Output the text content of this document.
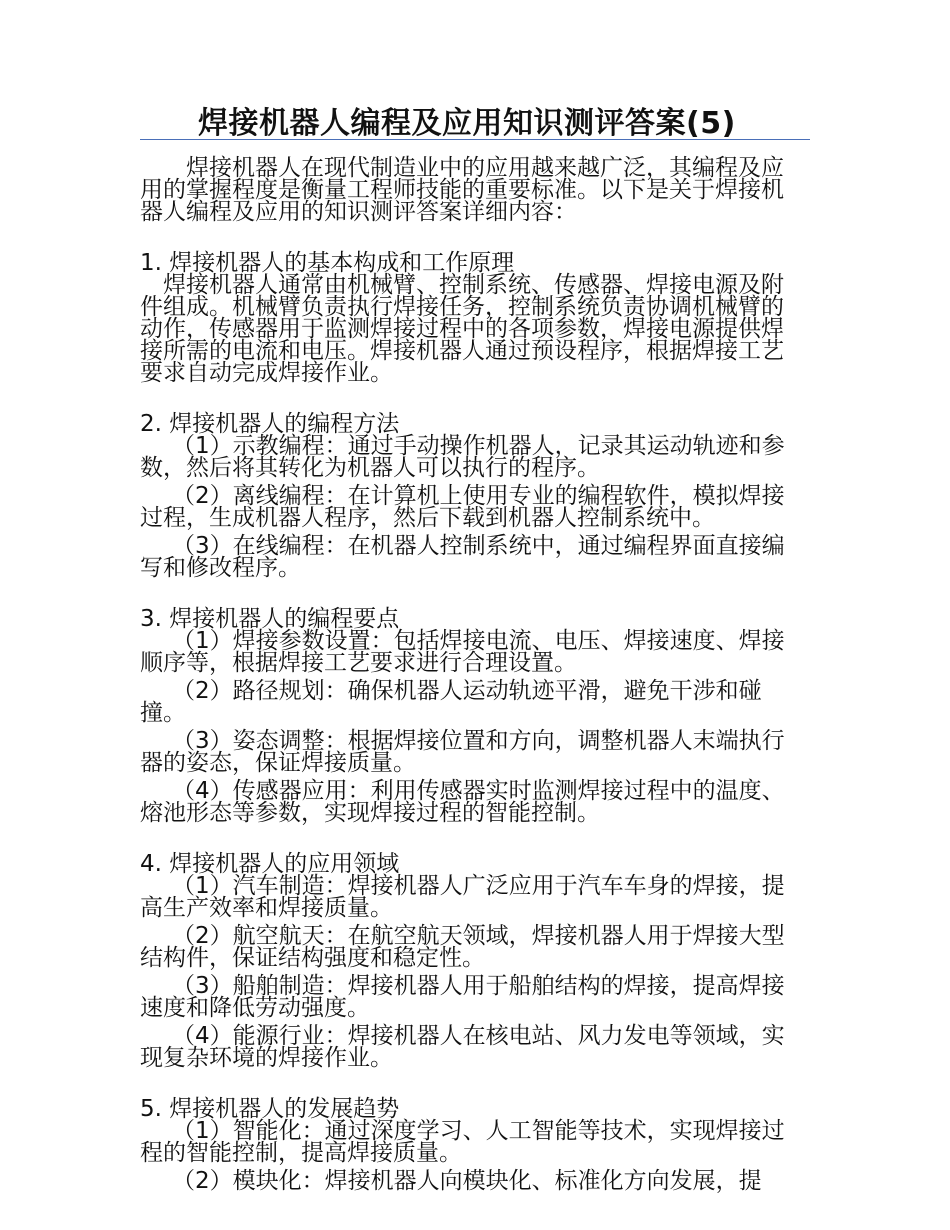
焊接机器人编程及应用知识测评答案(5)

焊接机器人在现代制造业中的应用越来越广泛，其编程及应用的掌握程度是衡量工程师技能的重要标准。以下是关于焊接机器人编程及应用的知识测评答案详细内容：

1. 焊接机器人的基本构成和工作原理

焊接机器人通常由机械臂、控制系统、传感器、焊接电源及附件组成。机械臂负责执行焊接任务，控制系统负责协调机械臂的动作，传感器用于监测焊接过程中的各项参数，焊接电源提供焊接所需的电流和电压。焊接机器人通过预设程序，根据焊接工艺要求自动完成焊接作业。

2. 焊接机器人的编程方法

（1）示教编程：通过手动操作机器人，记录其运动轨迹和参数，然后将其转化为机器人可以执行的程序。

（2）离线编程：在计算机上使用专业的编程软件，模拟焊接过程，生成机器人程序，然后下载到机器人控制系统中。

（3）在线编程：在机器人控制系统中，通过编程界面直接编写和修改程序。

3. 焊接机器人的编程要点

（1）焊接参数设置：包括焊接电流、电压、焊接速度、焊接顺序等，根据焊接工艺要求进行合理设置。

（2）路径规划：确保机器人运动轨迹平滑，避免干涉和碰撞。

（3）姿态调整：根据焊接位置和方向，调整机器人末端执行器的姿态，保证焊接质量。

（4）传感器应用：利用传感器实时监测焊接过程中的温度、熔池形态等参数，实现焊接过程的智能控制。

4. 焊接机器人的应用领域

（1）汽车制造：焊接机器人广泛应用于汽车车身的焊接，提高生产效率和焊接质量。

（2）航空航天：在航空航天领域，焊接机器人用于焊接大型结构件，保证结构强度和稳定性。

（3）船舶制造：焊接机器人用于船舶结构的焊接，提高焊接速度和降低劳动强度。

（4）能源行业：焊接机器人在核电站、风力发电等领域，实现复杂环境的焊接作业。

5. 焊接机器人的发展趋势

（1）智能化：通过深度学习、人工智能等技术，实现焊接过程的智能控制，提高焊接质量。

（2）模块化：焊接机器人向模块化、标准化方向发展，提
